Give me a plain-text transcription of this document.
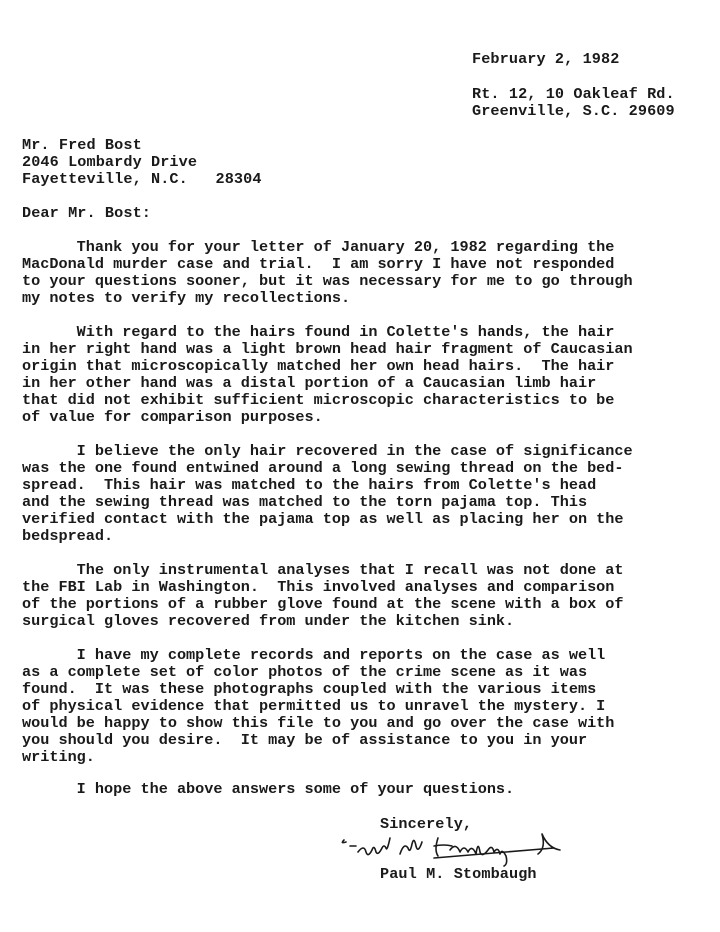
February 2, 1982
Rt. 12, 10 Oakleaf Rd.
Greenville, S.C. 29609
Mr. Fred Bost
2046 Lombardy Drive
Fayetteville, N.C.   28304
Dear Mr. Bost:
Thank you for your letter of January 20, 1982 regarding the
MacDonald murder case and trial.  I am sorry I have not responded
to your questions sooner, but it was necessary for me to go through
my notes to verify my recollections.
With regard to the hairs found in Colette's hands, the hair
in her right hand was a light brown head hair fragment of Caucasian
origin that microscopically matched her own head hairs.  The hair
in her other hand was a distal portion of a Caucasian limb hair
that did not exhibit sufficient microscopic characteristics to be
of value for comparison purposes.
I believe the only hair recovered in the case of significance
was the one found entwined around a long sewing thread on the bed-
spread.  This hair was matched to the hairs from Colette's head
and the sewing thread was matched to the torn pajama top. This
verified contact with the pajama top as well as placing her on the
bedspread.
The only instrumental analyses that I recall was not done at
the FBI Lab in Washington.  This involved analyses and comparison
of the portions of a rubber glove found at the scene with a box of
surgical gloves recovered from under the kitchen sink.
I have my complete records and reports on the case as well
as a complete set of color photos of the crime scene as it was
found.  It was these photographs coupled with the various items
of physical evidence that permitted us to unravel the mystery. I
would be happy to show this file to you and go over the case with
you should you desire.  It may be of assistance to you in your
writing.
I hope the above answers some of your questions.
Sincerely,
Paul M. Stombaugh
